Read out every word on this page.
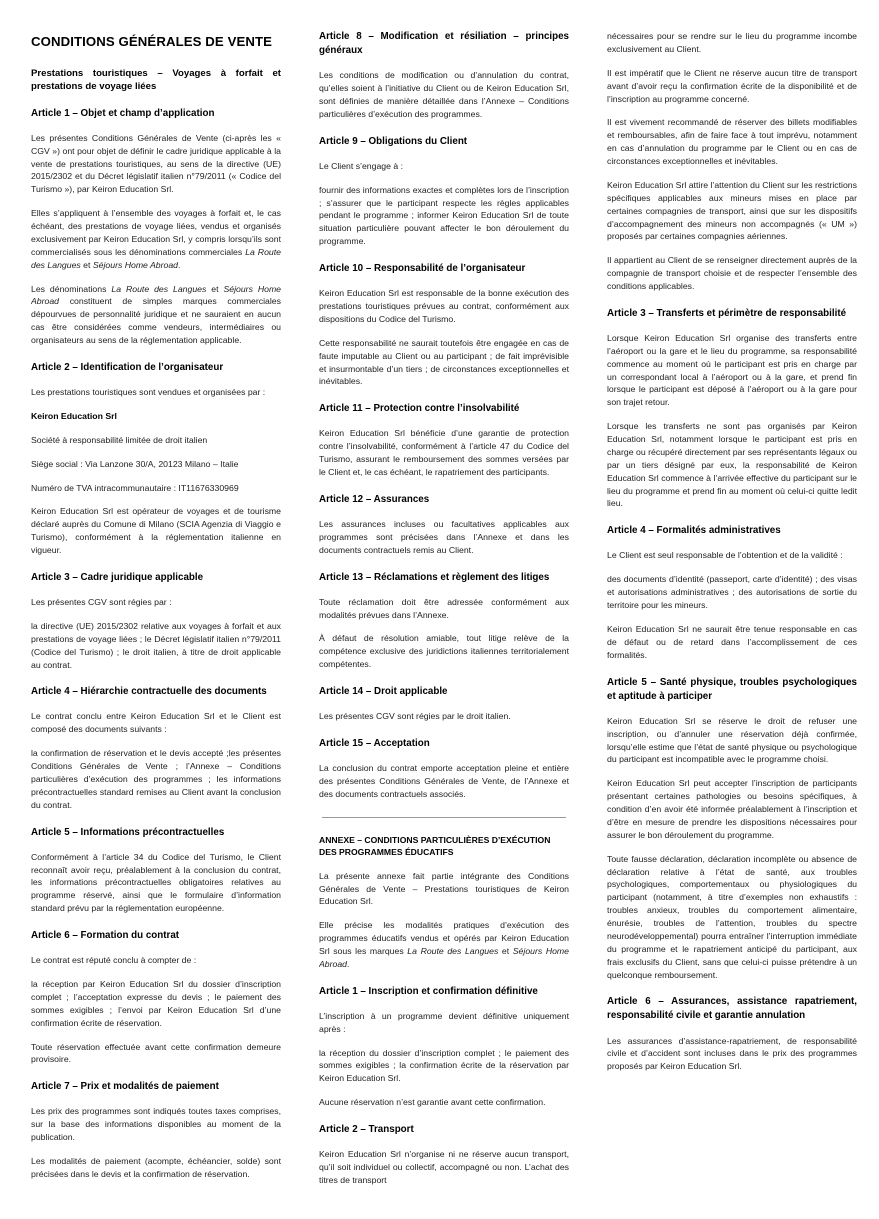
CONDITIONS GÉNÉRALES DE VENTE
Prestations touristiques – Voyages à forfait et prestations de voyage liées
Article 1 – Objet et champ d’application

Les présentes Conditions Générales de Vente (ci-après les « CGV ») ont pour objet de définir le cadre juridique applicable à la vente de prestations touristiques, au sens de la directive (UE) 2015/2302 et du Décret législatif italien n°79/2011 (« Codice del Turismo »), par Keiron Education Srl.

Elles s’appliquent à l’ensemble des voyages à forfait et, le cas échéant, des prestations de voyage liées, vendus et organisés exclusivement par Keiron Education Srl, y compris lorsqu’ils sont commercialisés sous les dénominations commerciales La Route des Langues et Séjours Home Abroad.

Les dénominations La Route des Langues et Séjours Home Abroad constituent de simples marques commerciales dépourvues de personnalité juridique et ne sauraient en aucun cas être considérées comme vendeurs, intermédiaires ou organisateurs au sens de la réglementation applicable.

Article 2 – Identification de l’organisateur

Les prestations touristiques sont vendues et organisées par :

Keiron Education Srl

Société à responsabilité limitée de droit italien

Siège social : Via Lanzone 30/A, 20123 Milano – Italie

Numéro de TVA intracommunautaire : IT11676330969

Keiron Education Srl est opérateur de voyages et de tourisme déclaré auprès du Comune di Milano (SCIA Agenzia di Viaggio e Turismo), conformément à la réglementation italienne en vigueur.

Article 3 – Cadre juridique applicable

Les présentes CGV sont régies par :

la directive (UE) 2015/2302 relative aux voyages à forfait et aux prestations de voyage liées ; le Décret législatif italien n°79/2011 (Codice del Turismo) ; le droit italien, à titre de droit applicable au contrat.

Article 4 – Hiérarchie contractuelle des documents

Le contrat conclu entre Keiron Education Srl et le Client est composé des documents suivants :

la confirmation de réservation et le devis accepté ;les présentes Conditions Générales de Vente ; l’Annexe – Conditions particulières d’exécution des programmes ; les informations précontractuelles standard remises au Client avant la conclusion du contrat.

Article 5 – Informations précontractuelles

Conformément à l’article 34 du Codice del Turismo, le Client reconnaît avoir reçu, préalablement à la conclusion du contrat, les informations précontractuelles obligatoires relatives au programme réservé, ainsi que le formulaire d’information standard prévu par la réglementation européenne.

Article 6 – Formation du contrat

Le contrat est réputé conclu à compter de :

la réception par Keiron Education Srl du dossier d’inscription complet ; l’acceptation expresse du devis ; le paiement des sommes exigibles ; l’envoi par Keiron Education Srl d’une confirmation écrite de réservation.

Toute réservation effectuée avant cette confirmation demeure provisoire.

Article 7 – Prix et modalités de paiement

Les prix des programmes sont indiqués toutes taxes comprises, sur la base des informations disponibles au moment de la publication.

Les modalités de paiement (acompte, échéancier, solde) sont précisées dans le devis et la confirmation de réservation.

Article 8 – Modification et résiliation – principes généraux

Les conditions de modification ou d’annulation du contrat, qu’elles soient à l’initiative du Client ou de Keiron Education Srl, sont définies de manière détaillée dans l’Annexe – Conditions particulières d’exécution des programmes.

Article 9 – Obligations du Client

Le Client s’engage à :

fournir des informations exactes et complètes lors de l’inscription ; s’assurer que le participant respecte les règles applicables pendant le programme ; informer Keiron Education Srl de toute situation particulière pouvant affecter le bon déroulement du programme.

Article 10 – Responsabilité de l’organisateur

Keiron Education Srl est responsable de la bonne exécution des prestations touristiques prévues au contrat, conformément aux dispositions du Codice del Turismo.

Cette responsabilité ne saurait toutefois être engagée en cas de faute imputable au Client ou au participant ; de fait imprévisible et insurmontable d’un tiers ; de circonstances exceptionnelles et inévitables.

Article 11 – Protection contre l’insolvabilité

Keiron Education Srl bénéficie d’une garantie de protection contre l’insolvabilité, conformément à l’article 47 du Codice del Turismo, assurant le remboursement des sommes versées par le Client et, le cas échéant, le rapatriement des participants.

Article 12 – Assurances

Les assurances incluses ou facultatives applicables aux programmes sont précisées dans l’Annexe et dans les documents contractuels remis au Client.

Article 13 – Réclamations et règlement des litiges

Toute réclamation doit être adressée conformément aux modalités prévues dans l’Annexe.

À défaut de résolution amiable, tout litige relève de la compétence exclusive des juridictions italiennes territorialement compétentes.

Article 14 – Droit applicable

Les présentes CGV sont régies par le droit italien.

Article 15 – Acceptation

La conclusion du contrat emporte acceptation pleine et entière des présentes Conditions Générales de Vente, de l’Annexe et des documents contractuels associés.

ANNEXE – CONDITIONS PARTICULIÈRES D’EXÉCUTION DES PROGRAMMES ÉDUCATIFS

La présente annexe fait partie intégrante des Conditions Générales de Vente – Prestations touristiques de Keiron Education Srl.

Elle précise les modalités pratiques d’exécution des programmes éducatifs vendus et opérés par Keiron Education Srl sous les marques La Route des Langues et Séjours Home Abroad.

Article 1 – Inscription et confirmation définitive

L’inscription à un programme devient définitive uniquement après :

la réception du dossier d’inscription complet ; le paiement des sommes exigibles ; la confirmation écrite de la réservation par Keiron Education Srl.

Aucune réservation n’est garantie avant cette confirmation.

Article 2 – Transport

Keiron Education Srl n’organise ni ne réserve aucun transport, qu’il soit individuel ou collectif, accompagné ou non. L’achat des titres de transport

nécessaires pour se rendre sur le lieu du programme incombe exclusivement au Client.

Il est impératif que le Client ne réserve aucun titre de transport avant d’avoir reçu la confirmation écrite de la disponibilité et de l’inscription au programme concerné.

Il est vivement recommandé de réserver des billets modifiables et remboursables, afin de faire face à tout imprévu, notamment en cas d’annulation du programme par le Client ou en cas de circonstances exceptionnelles et inévitables.

Keiron Education Srl attire l’attention du Client sur les restrictions spécifiques applicables aux mineurs mises en place par certaines compagnies de transport, ainsi que sur les dispositifs d’accompagnement des mineurs non accompagnés (« UM ») proposés par certaines compagnies aériennes.

Il appartient au Client de se renseigner directement auprès de la compagnie de transport choisie et de respecter l’ensemble des conditions applicables.

Article 3 – Transferts et périmètre de responsabilité

Lorsque Keiron Education Srl organise des transferts entre l’aéroport ou la gare et le lieu du programme, sa responsabilité commence au moment où le participant est pris en charge par un correspondant local à l’aéroport ou à la gare, et prend fin lorsque le participant est déposé à l’aéroport ou à la gare pour son trajet retour.

Lorsque les transferts ne sont pas organisés par Keiron Education Srl, notamment lorsque le participant est pris en charge ou récupéré directement par ses représentants légaux ou par un tiers désigné par eux, la responsabilité de Keiron Education Srl commence à l’arrivée effective du participant sur le lieu du programme et prend fin au moment où celui-ci quitte ledit lieu.

Article 4 – Formalités administratives

Le Client est seul responsable de l’obtention et de la validité :

des documents d’identité (passeport, carte d’identité) ; des visas et autorisations administratives ; des autorisations de sortie du territoire pour les mineurs.

Keiron Education Srl ne saurait être tenue responsable en cas de défaut ou de retard dans l’accomplissement de ces formalités.

Article 5 – Santé physique, troubles psychologiques et aptitude à participer

Keiron Education Srl se réserve le droit de refuser une inscription, ou d’annuler une réservation déjà confirmée, lorsqu’elle estime que l’état de santé physique ou psychologique du participant est incompatible avec le programme choisi.

Keiron Education Srl peut accepter l’inscription de participants présentant certaines pathologies ou besoins spécifiques, à condition d’en avoir été informée préalablement à l’inscription et d’être en mesure de prendre les dispositions nécessaires pour assurer le bon déroulement du programme.

Toute fausse déclaration, déclaration incomplète ou absence de déclaration relative à l’état de santé, aux troubles psychologiques, comportementaux ou physiologiques du participant (notamment, à titre d’exemples non exhaustifs : troubles anxieux, troubles du comportement alimentaire, énurésie, troubles de l’attention, troubles du spectre neurodéveloppemental) pourra entraîner l’interruption immédiate du programme et le rapatriement anticipé du participant, aux frais exclusifs du Client, sans que celui-ci puisse prétendre à un quelconque remboursement.

Article 6 – Assurances, assistance rapatriement, responsabilité civile et garantie annulation

Les assurances d’assistance-rapatriement, de responsabilité civile et d’accident sont incluses dans le prix des programmes proposés par Keiron Education Srl.
